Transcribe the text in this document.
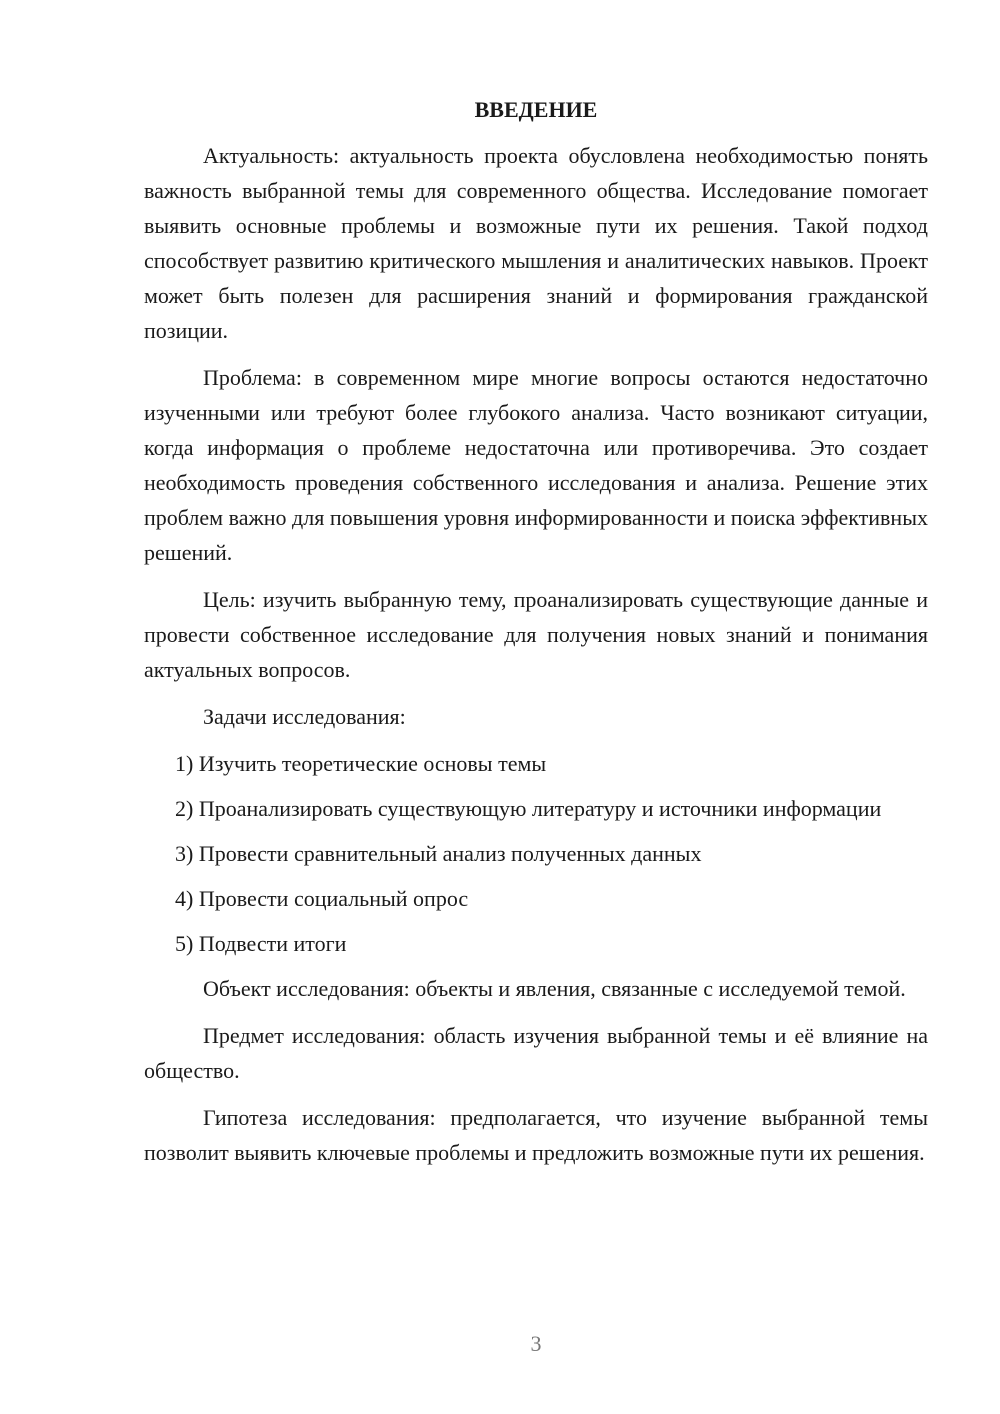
ВВЕДЕНИЕ

Актуальность: актуальность проекта обусловлена необходимостью понять важность выбранной темы для современного общества. Исследование помогает выявить основные проблемы и возможные пути их решения. Такой подход способствует развитию критического мышления и аналитических навыков. Проект может быть полезен для расширения знаний и формирования гражданской позиции.

Проблема: в современном мире многие вопросы остаются недостаточно изученными или требуют более глубокого анализа. Часто возникают ситуации, когда информация о проблеме недостаточна или противоречива. Это создает необходимость проведения собственного исследования и анализа. Решение этих проблем важно для повышения уровня информированности и поиска эффективных решений.

Цель: изучить выбранную тему, проанализировать существующие данные и провести собственное исследование для получения новых знаний и понимания актуальных вопросов.

Задачи исследования:

1) Изучить теоретические основы темы

2) Проанализировать существующую литературу и источники информации

3) Провести сравнительный анализ полученных данных

4) Провести социальный опрос

5) Подвести итоги

Объект исследования: объекты и явления, связанные с исследуемой темой.

Предмет исследования: область изучения выбранной темы и её влияние на общество.

Гипотеза исследования: предполагается, что изучение выбранной темы позволит выявить ключевые проблемы и предложить возможные пути их решения.

3
